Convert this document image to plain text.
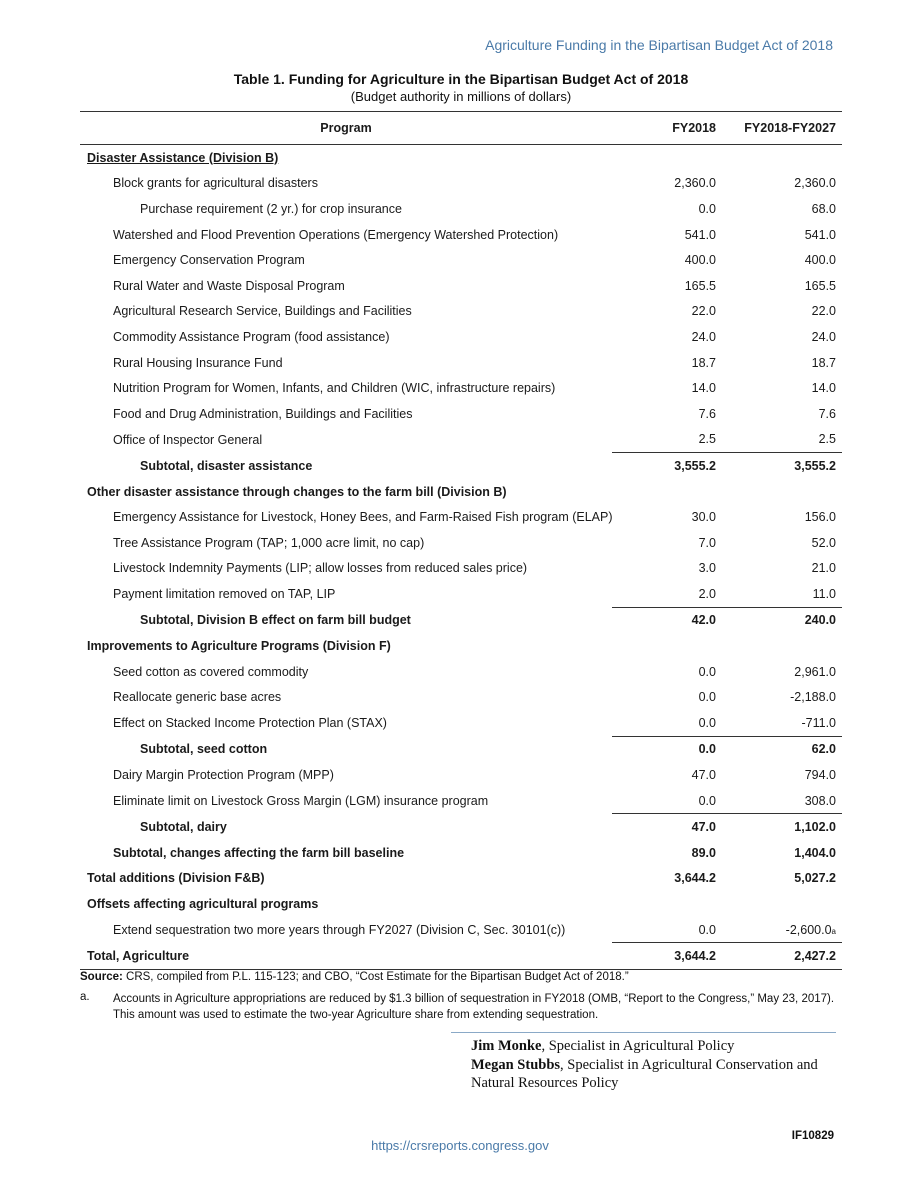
Agriculture Funding in the Bipartisan Budget Act of 2018
Table 1. Funding for Agriculture in the Bipartisan Budget Act of 2018
(Budget authority in millions of dollars)
Program	FY2018	FY2018-FY2027
Disaster Assistance (Division B)		
Block grants for agricultural disasters	2,360.0	2,360.0
Purchase requirement (2 yr.) for crop insurance	0.0	68.0
Watershed and Flood Prevention Operations (Emergency Watershed Protection)	541.0	541.0
Emergency Conservation Program	400.0	400.0
Rural Water and Waste Disposal Program	165.5	165.5
Agricultural Research Service, Buildings and Facilities	22.0	22.0
Commodity Assistance Program (food assistance)	24.0	24.0
Rural Housing Insurance Fund	18.7	18.7
Nutrition Program for Women, Infants, and Children (WIC, infrastructure repairs)	14.0	14.0
Food and Drug Administration, Buildings and Facilities	7.6	7.6
Office of Inspector General	2.5	2.5
Subtotal, disaster assistance	3,555.2	3,555.2
Other disaster assistance through changes to the farm bill (Division B)		
Emergency Assistance for Livestock, Honey Bees, and Farm-Raised Fish program (ELAP)	30.0	156.0
Tree Assistance Program (TAP; 1,000 acre limit, no cap)	7.0	52.0
Livestock Indemnity Payments (LIP; allow losses from reduced sales price)	3.0	21.0
Payment limitation removed on TAP, LIP	2.0	11.0
Subtotal, Division B effect on farm bill budget	42.0	240.0
Improvements to Agriculture Programs (Division F)		
Seed cotton as covered commodity	0.0	2,961.0
Reallocate generic base acres	0.0	-2,188.0
Effect on Stacked Income Protection Plan (STAX)	0.0	-711.0
Subtotal, seed cotton	0.0	62.0
Dairy Margin Protection Program (MPP)	47.0	794.0
Eliminate limit on Livestock Gross Margin (LGM) insurance program	0.0	308.0
Subtotal, dairy	47.0	1,102.0
Subtotal, changes affecting the farm bill baseline	89.0	1,404.0
Total additions (Division F&B)	3,644.2	5,027.2
Offsets affecting agricultural programs		
Extend sequestration two more years through FY2027 (Division C, Sec. 30101(c))	0.0	-2,600.0a
Total, Agriculture	3,644.2	2,427.2
Source: CRS, compiled from P.L. 115-123; and CBO, “Cost Estimate for the Bipartisan Budget Act of 2018.”
a.	Accounts in Agriculture appropriations are reduced by $1.3 billion of sequestration in FY2018 (OMB, “Report to the Congress,” May 23, 2017). This amount was used to estimate the two-year Agriculture share from extending sequestration.
Jim Monke, Specialist in Agricultural Policy
Megan Stubbs, Specialist in Agricultural Conservation and Natural Resources Policy
IF10829
https://crsreports.congress.gov
